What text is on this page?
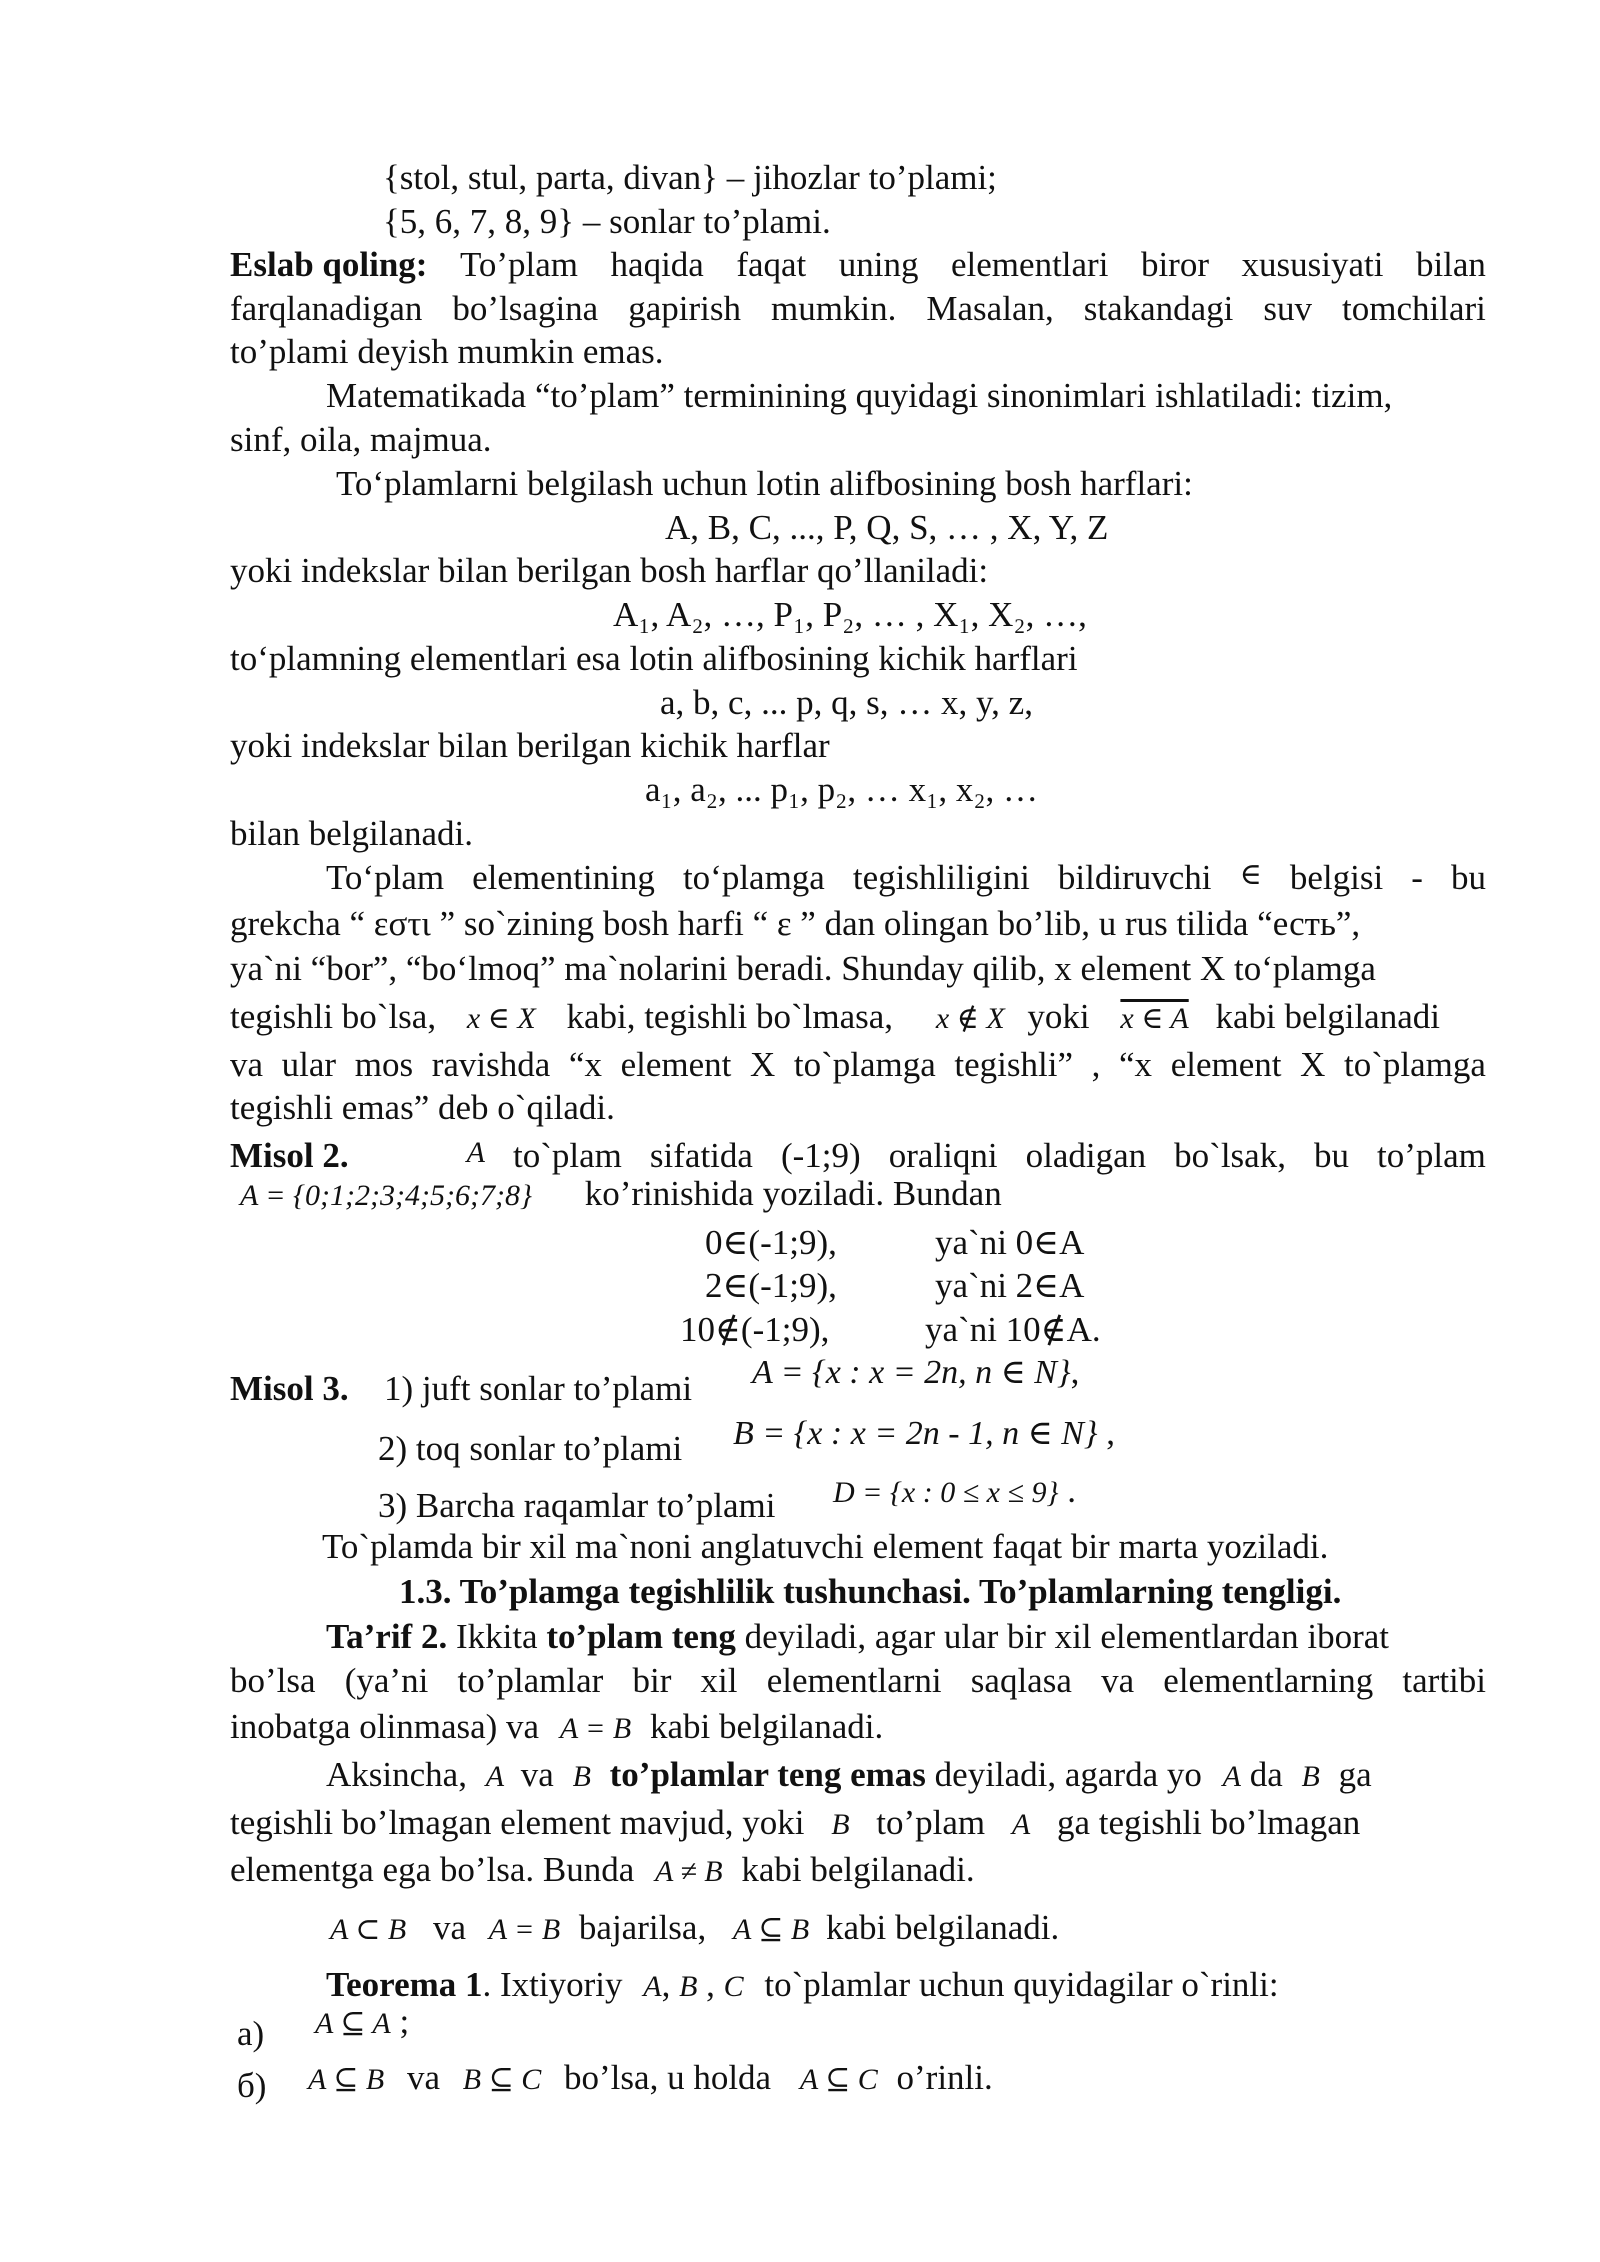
{stol, stul, parta, divan} – jihozlar to’plami;
{5, 6, 7, 8, 9} – sonlar to’plami.
Eslab qoling: To’plam haqida faqat uning elementlari biror xususiyati bilan
farqlanadigan bo’lsagina gapirish mumkin. Masalan, stakandagi suv tomchilari
to’plami deyish mumkin emas.
Matematikada “to’plam” terminining quyidagi sinonimlari ishlatiladi: tizim,
sinf, oila, majmua.
To‘plamlarni belgilash uchun lotin alifbosining bosh harflari:
A, B, C, ..., P, Q, S, … , X, Y, Z
yoki indekslar bilan berilgan bosh harflar qo’llaniladi:
A₁, A₂, …, P₁, P₂, … , X₁, X₂, …,
to‘plamning elementlari esa lotin alifbosining kichik harflari
a, b, c, ... p, q, s, … x, y, z,
yoki indekslar bilan berilgan kichik harflar
a₁, a₂, ... p₁, p₂, … x₁, x₂, …
bilan belgilanadi.
To‘plam elementining to‘plamga tegishliligini bildiruvchi ∈ belgisi - bu
grekcha “ εστι ” so`zining bosh harfi “ ε ” dan olingan bo’lib, u rus tilida “есть”,
ya`ni “bor”, “bo‘lmoq” ma`nolarini beradi. Shunday qilib, x element X to‘plamga
tegishli bo`lsa, x ∈ X kabi, tegishli bo`lmasa, x ∉ X yoki x ∈ A kabi belgilanadi
va ular mos ravishda “x element X to`plamga tegishli” , “x element X to`plamga
tegishli emas” deb o`qiladi.
Misol 2.	A to`plam sifatida (-1;9) oraliqni oladigan bo`lsak, bu to’plam
A = {0;1;2;3;4;5;6;7;8} ko’rinishida yoziladi. Bundan
0∈(-1;9),	ya`ni 0∈A
2∈(-1;9),	ya`ni 2∈A
10∉(-1;9),	ya`ni 10∉A.
Misol 3. 1) juft sonlar to’plami A = {x : x = 2n, n ∈ N},
2) toq sonlar to’plami B = {x : x = 2n - 1, n ∈ N} ,
3) Barcha raqamlar to’plami D = {x : 0 ≤ x ≤ 9} .
To`plamda bir xil ma`noni anglatuvchi element faqat bir marta yoziladi.
1.3. To’plamga tegishlilik tushunchasi. To’plamlarning tengligi.
Ta’rif 2. Ikkita to’plam teng deyiladi, agar ular bir xil elementlardan iborat
bo’lsa (ya’ni to’plamlar bir xil elementlarni saqlasa va elementlarning tartibi
inobatga olinmasa) va A = B kabi belgilanadi.
Aksincha, A va B to’plamlar teng emas deyiladi, agarda yo A da B ga
tegishli bo’lmagan element mavjud, yoki B to’plam A ga tegishli bo’lmagan
elementga ega bo’lsa. Bunda A ≠ B kabi belgilanadi.
A ⊂ B va A = B bajarilsa, A ⊆ B kabi belgilanadi.
Teorema 1. Ixtiyoriy A, B , C to`plamlar uchun quyidagilar o`rinli:
а) A ⊆ A ;
б) A ⊆ B va B ⊆ C bo’lsa, u holda A ⊆ C o’rinli.
